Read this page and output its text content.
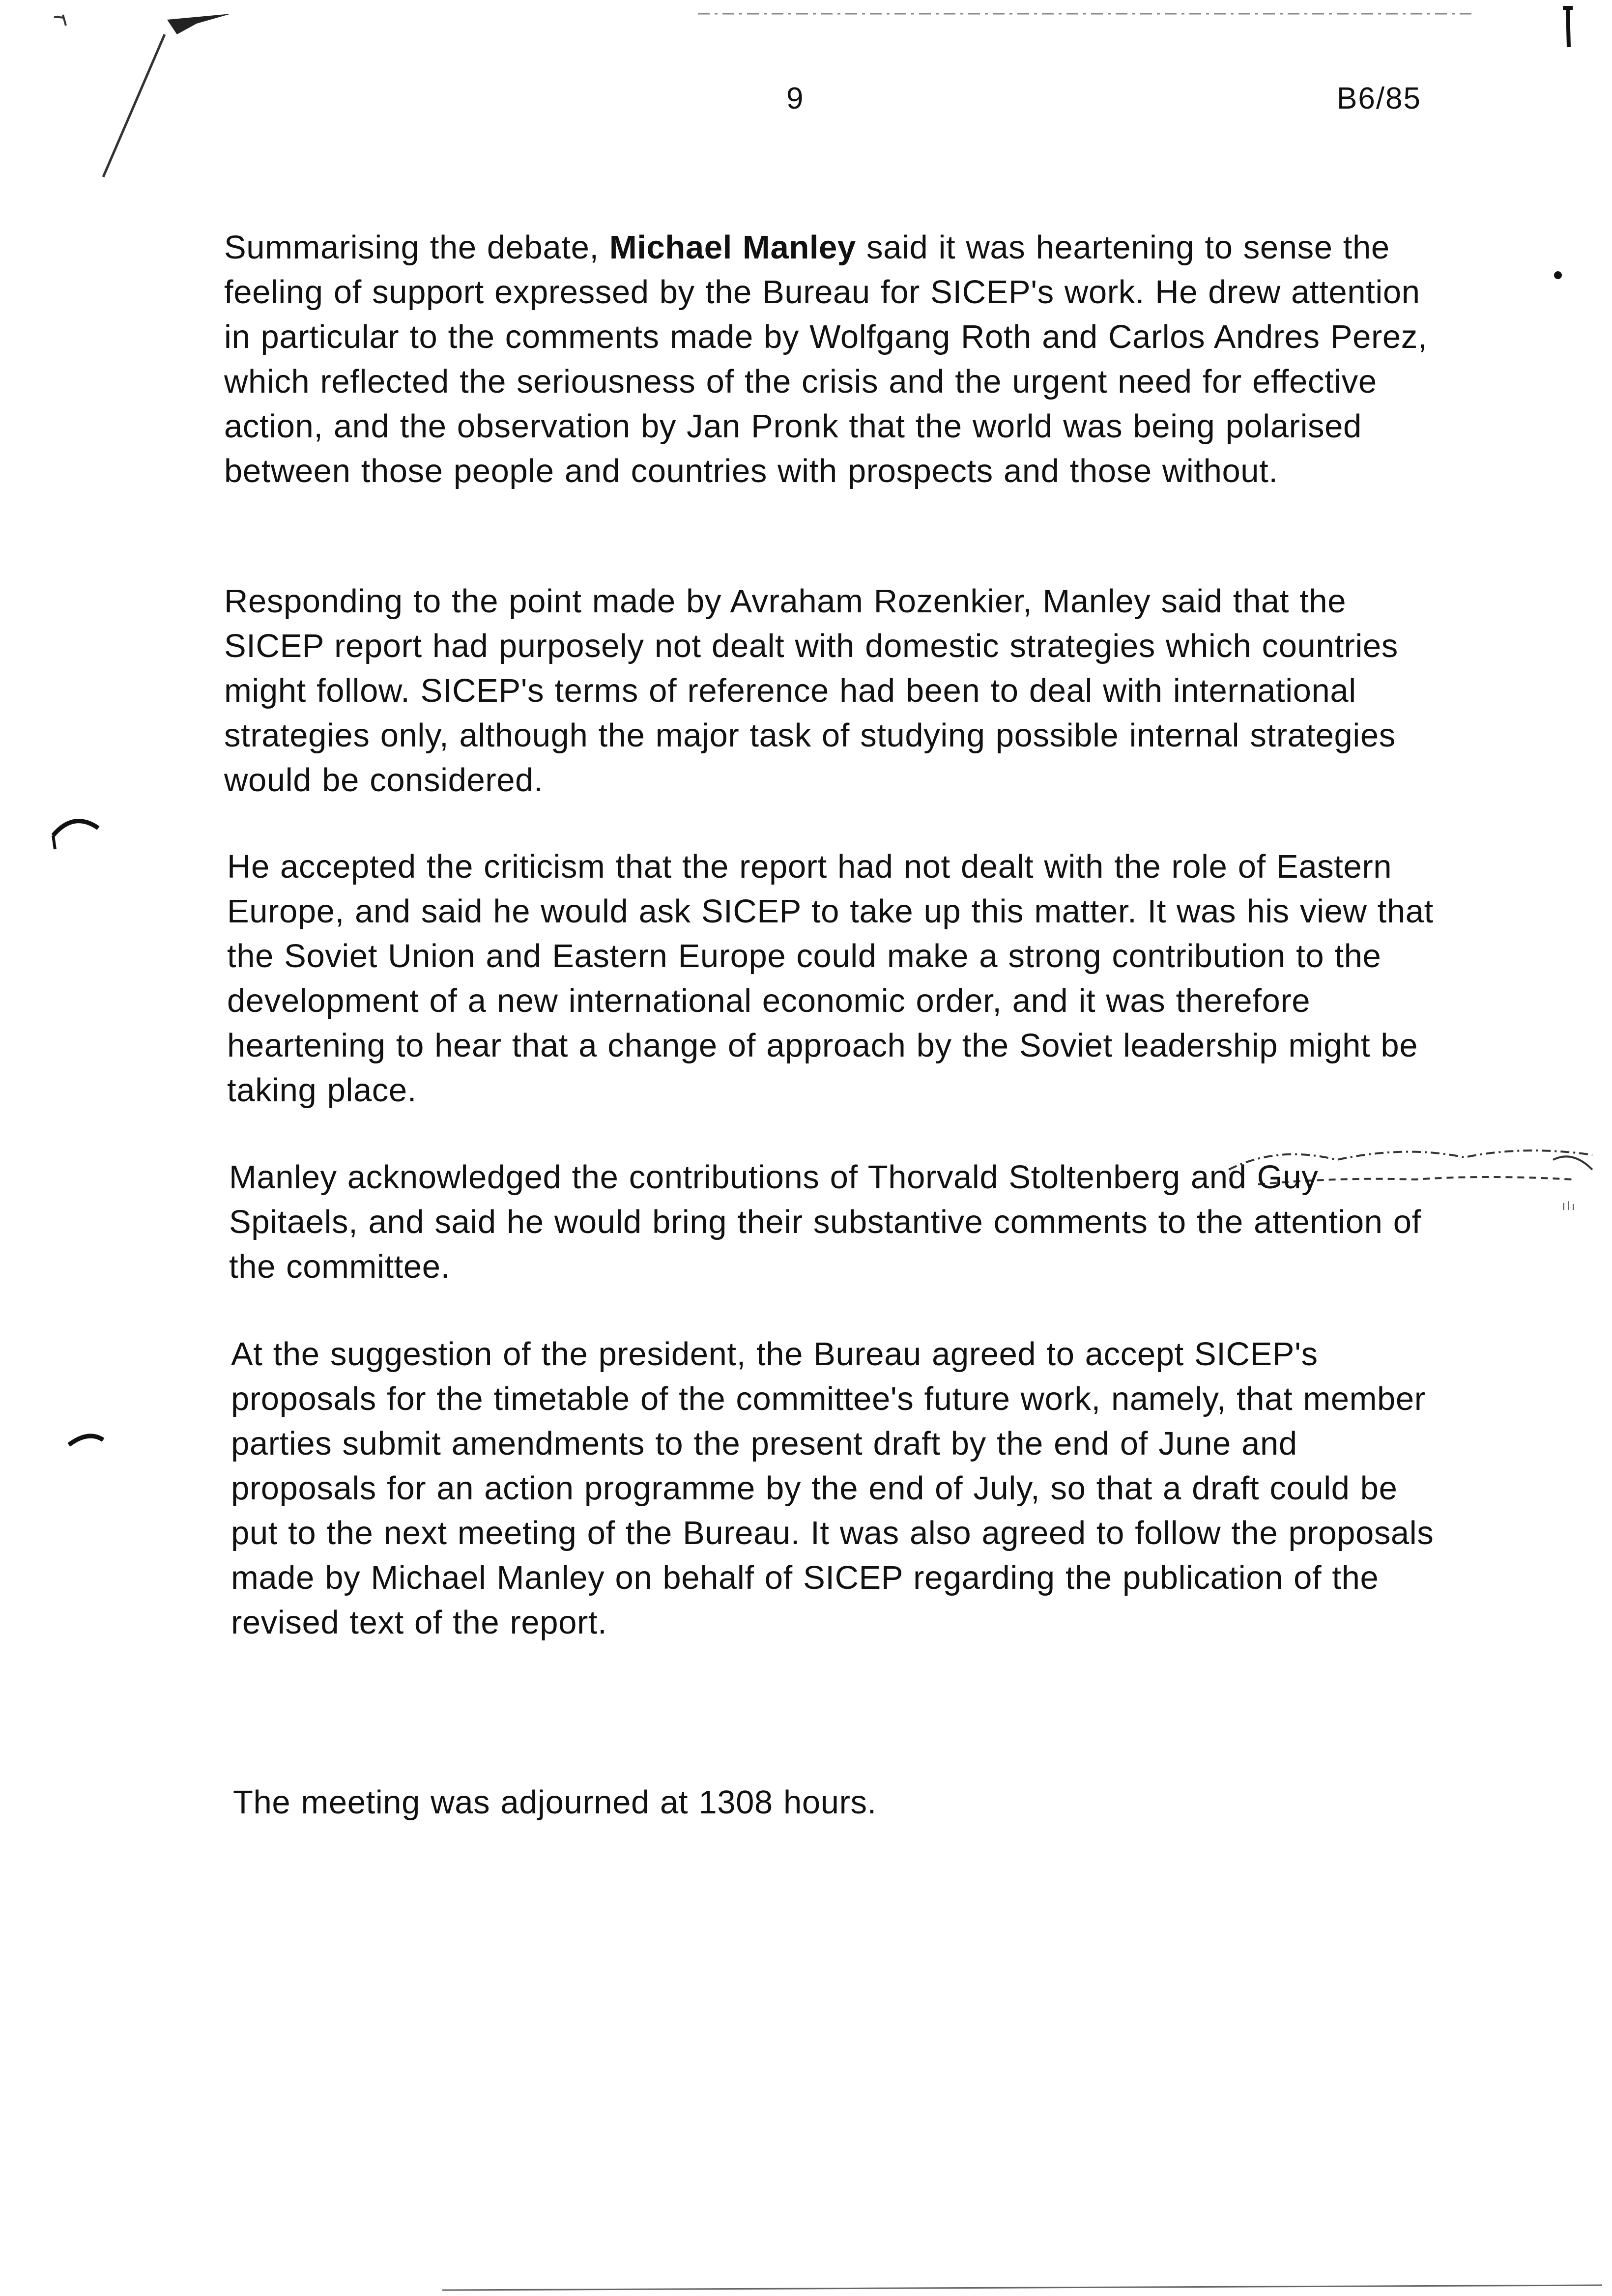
9	B6/85

Summarising the debate, Michael Manley said it was heartening to sense the feeling of support expressed by the Bureau for SICEP's work. He drew attention in particular to the comments made by Wolfgang Roth and Carlos Andres Perez, which reflected the seriousness of the crisis and the urgent need for effective action, and the observation by Jan Pronk that the world was being polarised between those people and countries with prospects and those without.

Responding to the point made by Avraham Rozenkier, Manley said that the SICEP report had purposely not dealt with domestic strategies which countries might follow. SICEP's terms of reference had been to deal with international strategies only, although the major task of studying possible internal strategies would be considered.

He accepted the criticism that the report had not dealt with the role of Eastern Europe, and said he would ask SICEP to take up this matter. It was his view that the Soviet Union and Eastern Europe could make a strong contribution to the development of a new international economic order, and it was therefore heartening to hear that a change of approach by the Soviet leadership might be taking place.

Manley acknowledged the contributions of Thorvald Stoltenberg and Guy Spitaels, and said he would bring their substantive comments to the attention of the committee.

At the suggestion of the president, the Bureau agreed to accept SICEP's proposals for the timetable of the committee's future work, namely, that member parties submit amendments to the present draft by the end of June and proposals for an action programme by the end of July, so that a draft could be put to the next meeting of the Bureau. It was also agreed to follow the proposals made by Michael Manley on behalf of SICEP regarding the publication of the revised text of the report.

The meeting was adjourned at 1308 hours.
